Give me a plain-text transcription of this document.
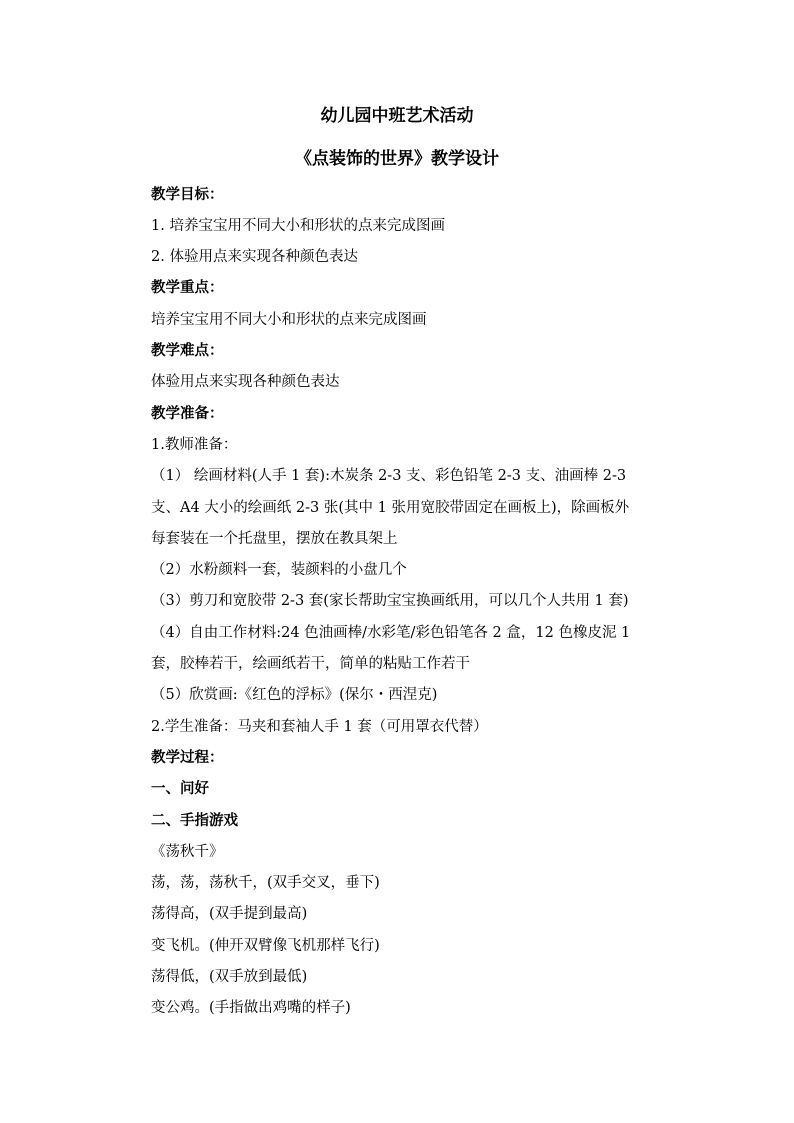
幼儿园中班艺术活动
《点装饰的世界》教学设计
教学目标：
1. 培养宝宝用不同大小和形状的点来完成图画
2. 体验用点来实现各种颜色表达
教学重点：
培养宝宝用不同大小和形状的点来完成图画
教学难点：
体验用点来实现各种颜色表达
教学准备：
1.教师准备：
（1） 绘画材料(人手 1 套):木炭条 2-3 支、彩色铅笔 2-3 支、油画棒 2-3
支、A4 大小的绘画纸 2-3 张(其中 1 张用宽胶带固定在画板上)，除画板外
每套装在一个托盘里，摆放在教具架上
（2）水粉颜料一套，装颜料的小盘几个
（3）剪刀和宽胶带 2-3 套(家长帮助宝宝换画纸用，可以几个人共用 1 套)
（4）自由工作材料:24 色油画棒/水彩笔/彩色铅笔各 2 盒，12 色橡皮泥 1
套，胶棒若干，绘画纸若干，简单的粘贴工作若干
（5）欣赏画:《红色的浮标》(保尔・西涅克)
2.学生准备：马夹和套袖人手 1 套（可用罩衣代替）
教学过程：
一、问好
二、手指游戏
《荡秋千》
荡，荡，荡秋千，(双手交叉，垂下)
荡得高，(双手提到最高)
变飞机。(伸开双臂像飞机那样飞行)
荡得低，(双手放到最低)
变公鸡。(手指做出鸡嘴的样子)
